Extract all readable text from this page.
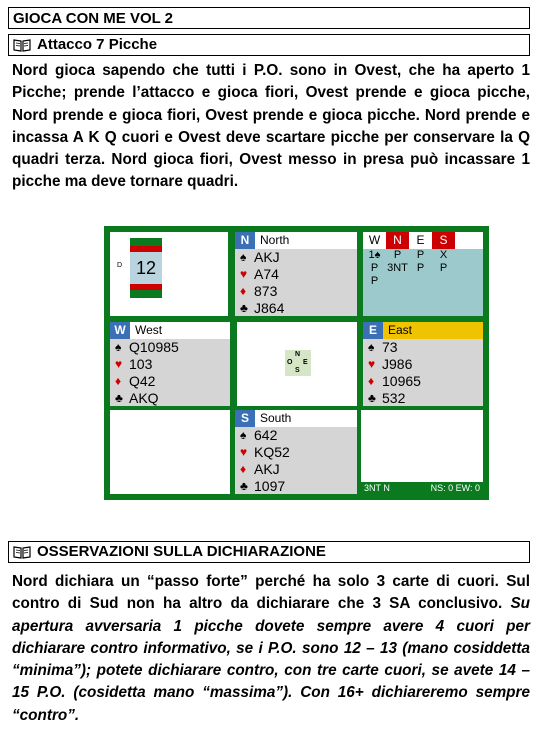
GIOCA CON ME VOL 2
Attacco 7 Picche
Nord gioca sapendo che tutti i P.O. sono in Ovest, che ha aperto 1 Picche; prende l’attacco e gioca fiori, Ovest prende e gioca picche, Nord prende e gioca fiori, Ovest prende e gioca picche. Nord prende e incassa A K Q cuori e Ovest deve scartare picche per conservare la Q quadri terza. Nord gioca fiori, Ovest messo in presa può incassare 1 picche ma deve tornare quadri.
12
D
N North
♠ AKJ
♥ A74
♦ 873
♣ J864
W	N	E	S
1♠	P	P	X
P 3NT P	P
P
W West
♠ Q10985
♥ 103
♦ Q42
♣ AKQ
N
O E
S
E East
♠ 73
♥ J986
♦ 10965
♣ 532
S South
♠ 642
♥ KQ52
♦ AKJ
♣ 1097	3NT N	NS: 0 EW: 0
OSSERVAZIONI SULLA DICHIARAZIONE
Nord dichiara un “passo forte” perché ha solo 3 carte di cuori. Sul contro di Sud non ha altro da dichiarare che 3 SA conclusivo. Su apertura avversaria 1 picche dovete sempre avere 4 cuori per dichiarare contro informativo, se i P.O. sono 12 – 13 (mano cosiddetta “minima”); potete dichiarare contro, con tre carte cuori, se avete 14 – 15 P.O. (cosidetta mano “massima”). Con 16+ dichiareremo sempre “contro”.
